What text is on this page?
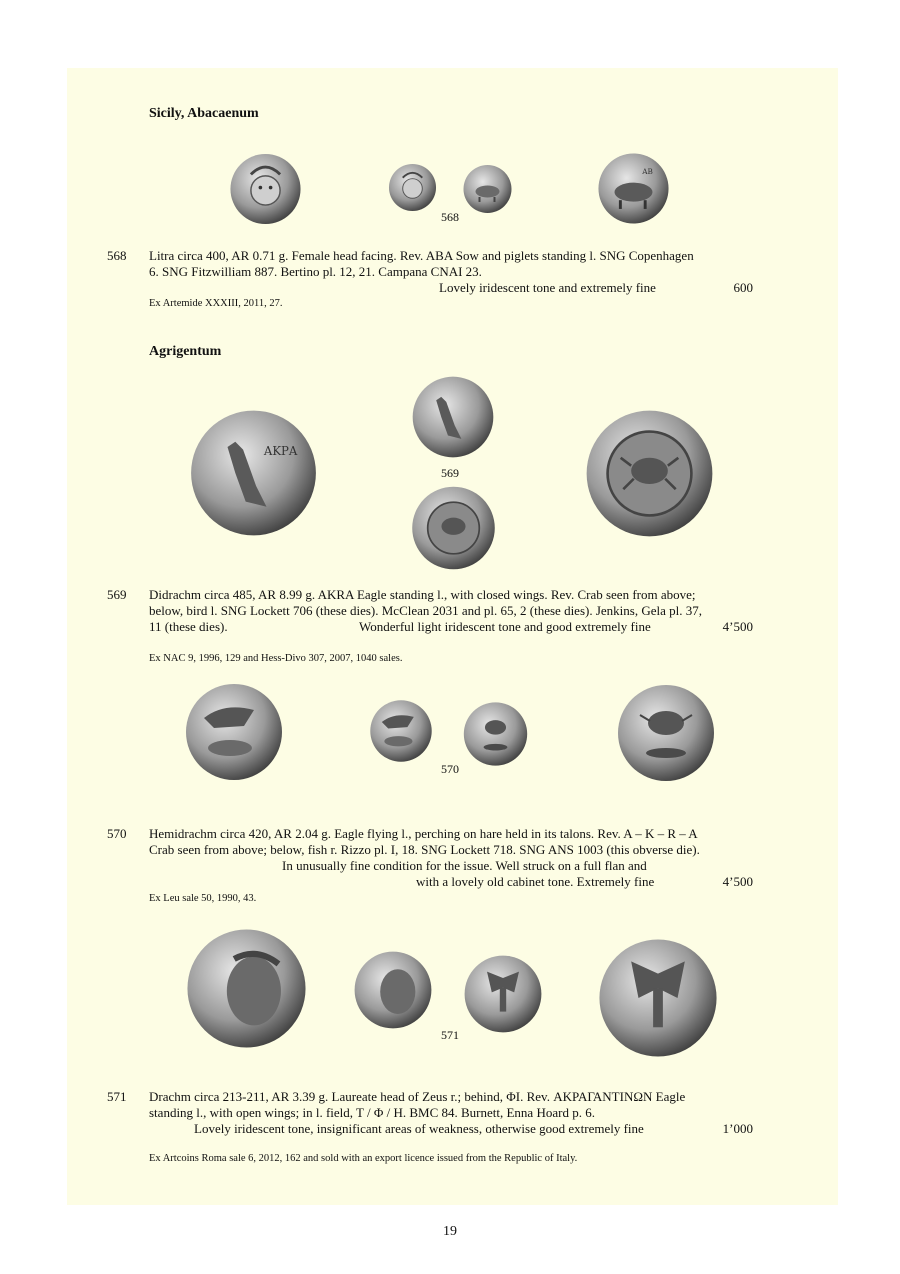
Sicily, Abacaenum
ΑΒ
568
568 Litra circa 400, AR 0.71 g. Female head facing. Rev. ABA Sow and piglets standing l. SNG Copenhagen
6. SNG Fitzwilliam 887. Bertino pl. 12, 21. Campana CNAI 23.
Lovely iridescent tone and extremely fine	600
Ex Artemide XXXIII, 2011, 27.
Agrigentum
ΑΚΡΑ
569
569 Didrachm circa 485, AR 8.99 g. AKRA Eagle standing l., with closed wings. Rev. Crab seen from above;
below, bird l. SNG Lockett 706 (these dies). McClean 2031 and pl. 65, 2 (these dies). Jenkins, Gela pl. 37,
11 (these dies).	Wonderful light iridescent tone and good extremely fine	4’500
Ex NAC 9, 1996, 129 and Hess-Divo 307, 2007, 1040 sales.
570
570 Hemidrachm circa 420, AR 2.04 g. Eagle flying l., perching on hare held in its talons. Rev. A – K – R – A
Crab seen from above; below, fish r. Rizzo pl. I, 18. SNG Lockett 718. SNG ANS 1003 (this obverse die).
In unusually fine condition for the issue. Well struck on a full flan and
with a lovely old cabinet tone. Extremely fine	4’500
Ex Leu sale 50, 1990, 43.
571
571 Drachm circa 213-211, AR 3.39 g. Laureate head of Zeus r.; behind, ΦI. Rev. ΑΚΡΑΓΑΝΤΙΝΩΝ Eagle
standing l., with open wings; in l. field, T / Φ / H. BMC 84. Burnett, Enna Hoard p. 6.
Lovely iridescent tone, insignificant areas of weakness, otherwise good extremely fine	1’000
Ex Artcoins Roma sale 6, 2012, 162 and sold with an export licence issued from the Republic of Italy.
19
